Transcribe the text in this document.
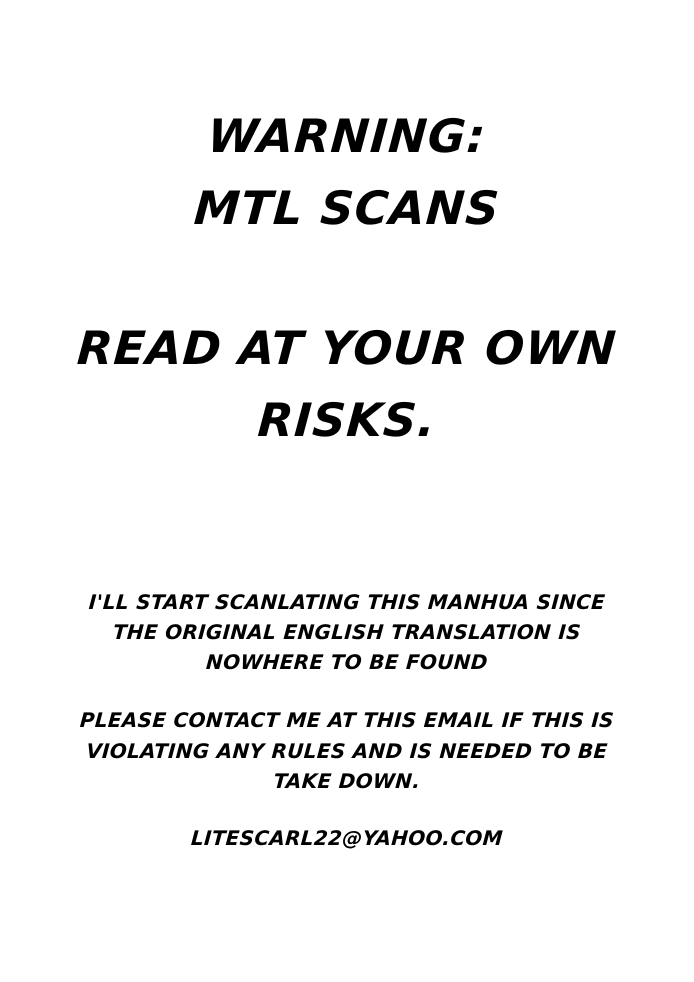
WARNING:
MTL SCANS
READ AT YOUR OWN
RISKS.
I'LL START SCANLATING THIS MANHUA SINCE
THE ORIGINAL ENGLISH TRANSLATION IS
NOWHERE TO BE FOUND
PLEASE CONTACT ME AT THIS EMAIL IF THIS IS
VIOLATING ANY RULES AND IS NEEDED TO BE
TAKE DOWN.
LITESCARL22@YAHOO.COM
